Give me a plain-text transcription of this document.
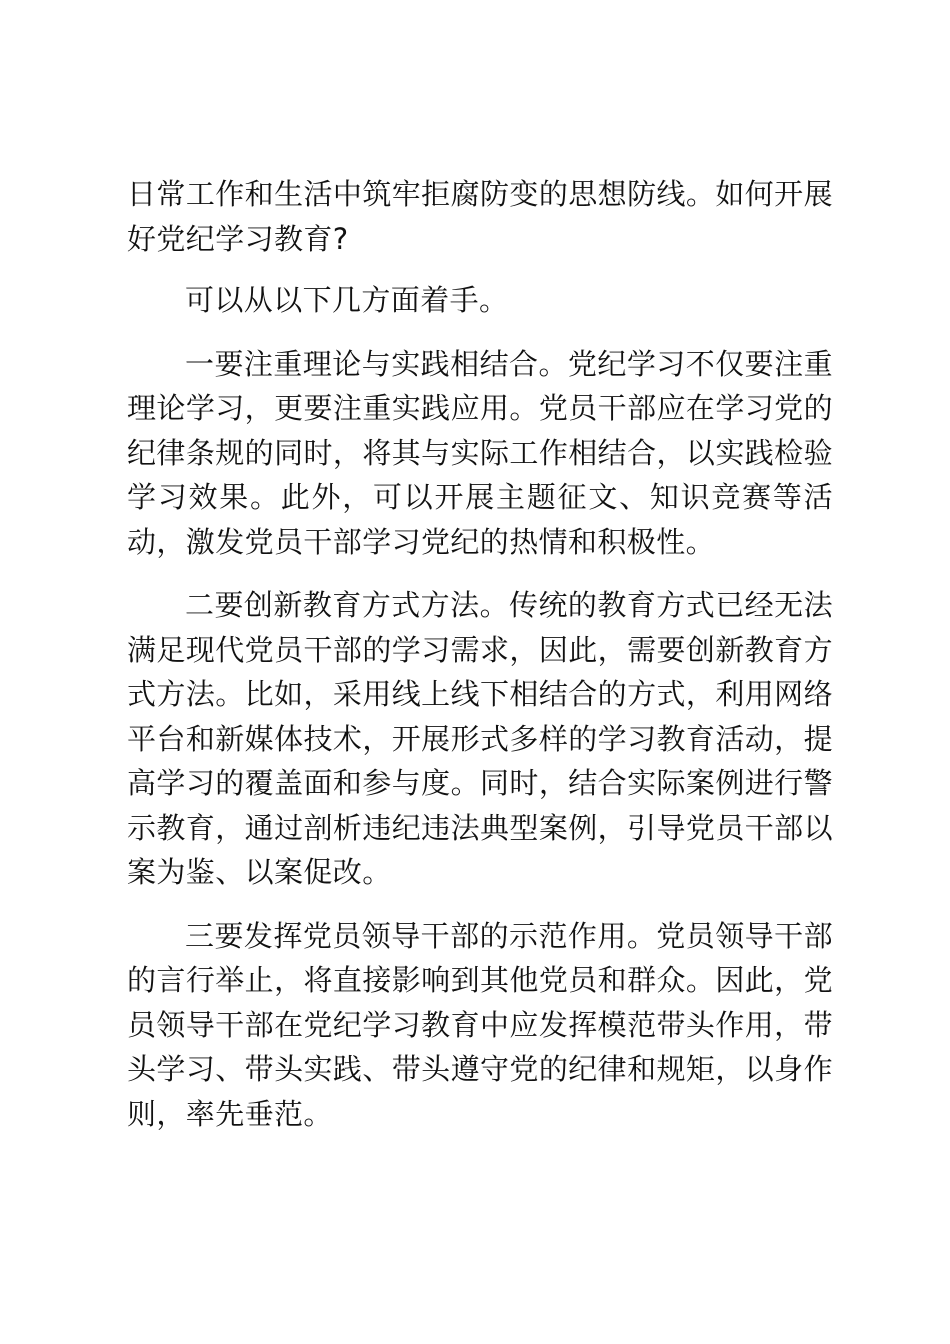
日常工作和生活中筑牢拒腐防变的思想防线。如何开展好党纪学习教育?

可以从以下几方面着手。

一要注重理论与实践相结合。党纪学习不仅要注重理论学习，更要注重实践应用。党员干部应在学习党的纪律条规的同时，将其与实际工作相结合，以实践检验学习效果。此外，可以开展主题征文、知识竞赛等活动，激发党员干部学习党纪的热情和积极性。

二要创新教育方式方法。传统的教育方式已经无法满足现代党员干部的学习需求，因此，需要创新教育方式方法。比如，采用线上线下相结合的方式，利用网络平台和新媒体技术，开展形式多样的学习教育活动，提高学习的覆盖面和参与度。同时，结合实际案例进行警示教育，通过剖析违纪违法典型案例，引导党员干部以案为鉴、以案促改。

三要发挥党员领导干部的示范作用。党员领导干部的言行举止，将直接影响到其他党员和群众。因此，党员领导干部在党纪学习教育中应发挥模范带头作用，带头学习、带头实践、带头遵守党的纪律和规矩，以身作则，率先垂范。
